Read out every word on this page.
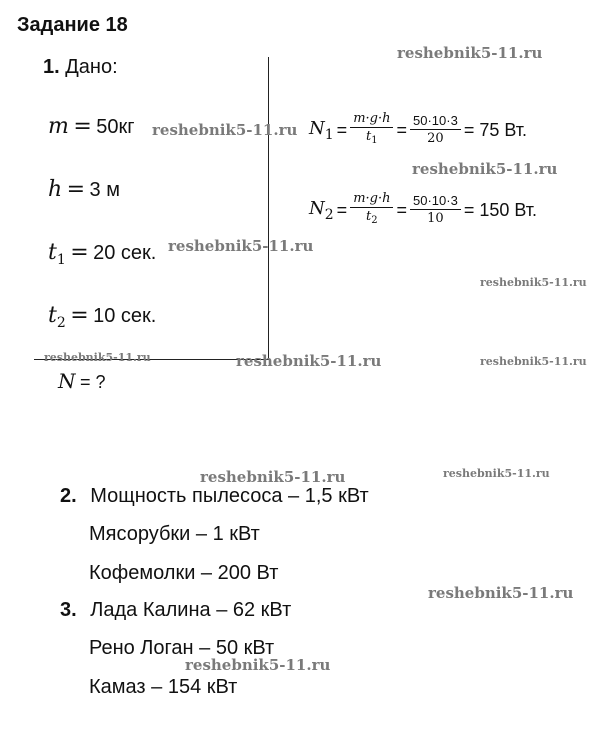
Задание 18
1. Дано:
m = 50кг
h = 3 м
$t_1 = 20$ сек.
$t_2 = 10$ сек.
N = ?
$N_1 = \frac{m\cdot g\cdot h}{t_1} = \frac{50\cdot 10\cdot 3}{20} = 75$ Вт.
$N_2 = \frac{m\cdot g\cdot h}{t_2} = \frac{50\cdot 10\cdot 3}{10} = 150$ Вт.
2. Мощность пылесоса – 1,5 кВт
Мясорубки – 1 кВт
Кофемолки – 200 Вт
3. Лада Калина – 62 кВт
Рено Логан – 50 кВт
Камаз – 154 кВт
reshebnik5-11.ru
reshebnik5-11.ru
reshebnik5-11.ru
reshebnik5-11.ru
reshebnik5-11.ru
reshebnik5-11.ru	reshebnik5-11.ru	reshebnik5-11.ru
reshebnik5-11.ru	reshebnik5-11.ru
reshebnik5-11.ru
reshebnik5-11.ru
